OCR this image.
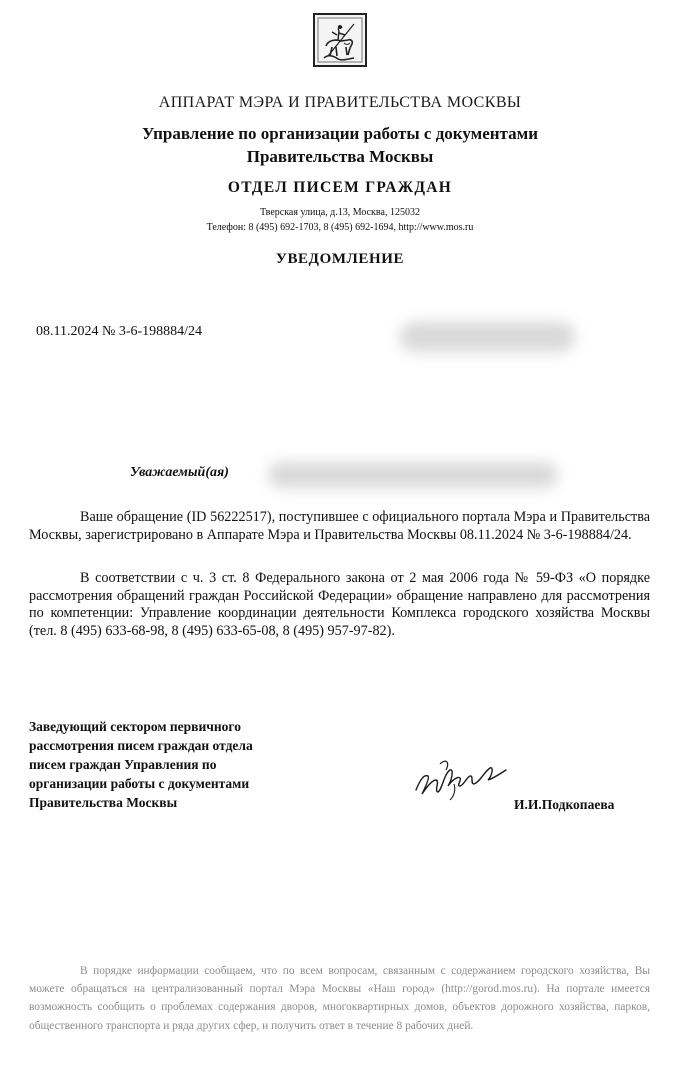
АППАРАТ МЭРА И ПРАВИТЕЛЬСТВА МОСКВЫ
Управление по организации работы с документами
Правительства Москвы
ОТДЕЛ ПИСЕМ ГРАЖДАН
Тверская улица, д.13, Москва, 125032
Телефон: 8 (495) 692-1703, 8 (495) 692-1694, http://www.mos.ru
УВЕДОМЛЕНИЕ
08.11.2024 № 3-6-198884/24
Уважаемый(ая)

Ваше обращение (ID 56222517), поступившее с официального портала Мэра и Правительства Москвы, зарегистрировано в Аппарате Мэра и Правительства Москвы 08.11.2024 № 3-6-198884/24.

В соответствии с ч. 3 ст. 8 Федерального закона от 2 мая 2006 года № 59-ФЗ «О порядке рассмотрения обращений граждан Российской Федерации» обращение направлено для рассмотрения по компетенции: Управление координации деятельности Комплекса городского хозяйства Москвы (тел. 8 (495) 633-68-98, 8 (495) 633-65-08, 8 (495) 957-97-82).

Заведующий сектором первичного
рассмотрения писем граждан отдела
писем граждан Управления по
организации работы с документами
Правительства Москвы	И.И.Подкопаева

В порядке информации сообщаем, что по всем вопросам, связанным с содержанием городского хозяйства, Вы можете обращаться на централизованный портал Мэра Москвы «Наш город» (http://gorod.mos.ru). На портале имеется возможность сообщить о проблемах содержания дворов, многоквартирных домов, объектов дорожного хозяйства, парков, общественного транспорта и ряда других сфер, и получить ответ в течение 8 рабочих дней.
